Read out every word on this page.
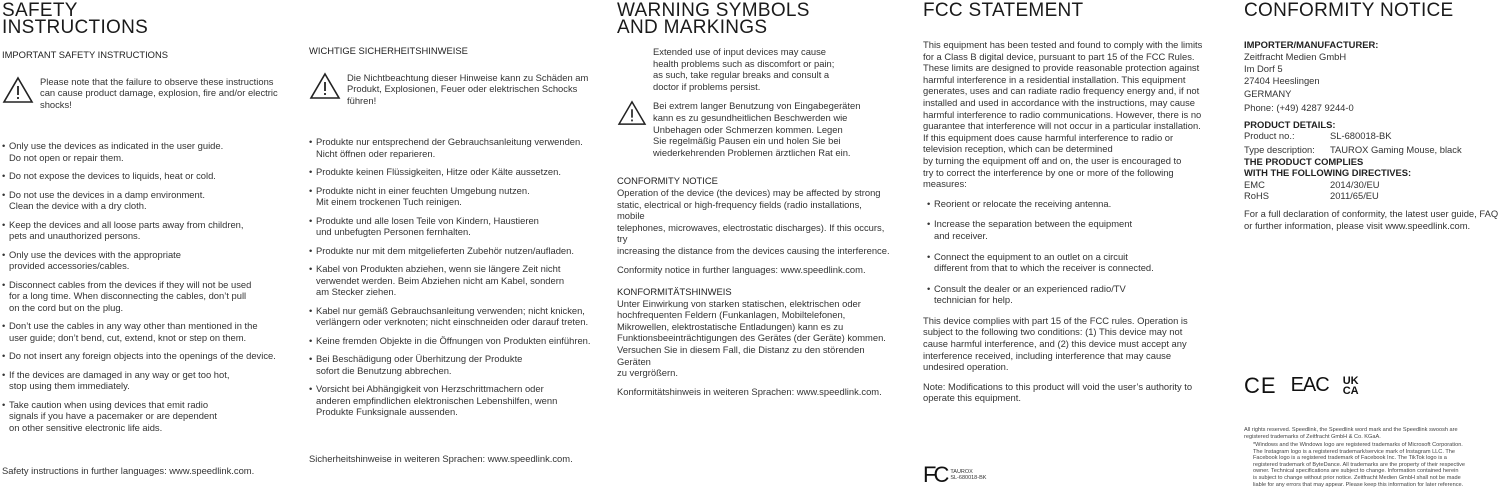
SAFETY
INSTRUCTIONS
IMPORTANT SAFETY INSTRUCTIONS
Please note that the failure to observe these instructions
can cause product damage, explosion, fire and/or electric
shocks!
• Only use the devices as indicated in the user guide.
Do not open or repair them.
• Do not expose the devices to liquids, heat or cold.
• Do not use the devices in a damp environment.
Clean the device with a dry cloth.
• Keep the devices and all loose parts away from children,
pets and unauthorized persons.
• Only use the devices with the appropriate
provided accessories/cables.
• Disconnect cables from the devices if they will not be used
for a long time. When disconnecting the cables, don’t pull
on the cord but on the plug.
• Don’t use the cables in any way other than mentioned in the
user guide; don’t bend, cut, extend, knot or step on them.
• Do not insert any foreign objects into the openings of the device.
• If the devices are damaged in any way or get too hot,
stop using them immediately.
• Take caution when using devices that emit radio
signals if you have a pacemaker or are dependent
on other sensitive electronic life aids.
Safety instructions in further languages: www.speedlink.com.
WICHTIGE SICHERHEITSHINWEISE
Die Nichtbeachtung dieser Hinweise kann zu Schäden am
Produkt, Explosionen, Feuer oder elektrischen Schocks
führen!
• Produkte nur entsprechend der Gebrauchsanleitung verwenden.
Nicht öffnen oder reparieren.
• Produkte keinen Flüssigkeiten, Hitze oder Kälte aussetzen.
• Produkte nicht in einer feuchten Umgebung nutzen.
Mit einem trockenen Tuch reinigen.
• Produkte und alle losen Teile von Kindern, Haustieren
und unbefugten Personen fernhalten.
• Produkte nur mit dem mitgelieferten Zubehör nutzen/aufladen.
• Kabel von Produkten abziehen, wenn sie längere Zeit nicht
verwendet werden. Beim Abziehen nicht am Kabel, sondern
am Stecker ziehen.
• Kabel nur gemäß Gebrauchsanleitung verwenden; nicht knicken,
verlängern oder verknoten; nicht einschneiden oder darauf treten.
• Keine fremden Objekte in die Öffnungen von Produkten einführen.
• Bei Beschädigung oder Überhitzung der Produkte
sofort die Benutzung abbrechen.
• Vorsicht bei Abhängigkeit von Herzschrittmachern oder
anderen empfindlichen elektronischen Lebenshilfen, wenn
Produkte Funksignale aussenden.
Sicherheitshinweise in weiteren Sprachen: www.speedlink.com.
WARNING SYMBOLS
AND MARKINGS
Extended use of input devices may cause
health problems such as discomfort or pain;
as such, take regular breaks and consult a
doctor if problems persist.
Bei extrem langer Benutzung von Eingabegeräten
kann es zu gesundheitlichen Beschwerden wie
Unbehagen oder Schmerzen kommen. Legen
Sie regelmäßig Pausen ein und holen Sie bei
wiederkehrenden Problemen ärztlichen Rat ein.
CONFORMITY NOTICE
Operation of the device (the devices) may be affected by strong
static, electrical or high-frequency fields (radio installations, mobile
telephones, microwaves, electrostatic discharges). If this occurs, try
increasing the distance from the devices causing the interference.
Conformity notice in further languages: www.speedlink.com.
KONFORMITÄTSHINWEIS
Unter Einwirkung von starken statischen, elektrischen oder
hochfrequenten Feldern (Funkanlagen, Mobiltelefonen,
Mikrowellen, elektrostatische Entladungen) kann es zu
Funktionsbeeinträchtigungen des Gerätes (der Geräte) kommen.
Versuchen Sie in diesem Fall, die Distanz zu den störenden Geräten
zu vergrößern.
Konformitätshinweis in weiteren Sprachen: www.speedlink.com.
FCC STATEMENT
This equipment has been tested and found to comply with the limits
for a Class B digital device, pursuant to part 15 of the FCC Rules.
These limits are designed to provide reasonable protection against
harmful interference in a residential installation. This equipment
generates, uses and can radiate radio frequency energy and, if not
installed and used in accordance with the instructions, may cause
harmful interference to radio communications. However, there is no
guarantee that interference will not occur in a particular installation.
If this equipment does cause harmful interference to radio or
television reception, which can be determined
by turning the equipment off and on, the user is encouraged to
try to correct the interference by one or more of the following
measures:
• Reorient or relocate the receiving antenna.
• Increase the separation between the equipment
and receiver.
• Connect the equipment to an outlet on a circuit
different from that to which the receiver is connected.
• Consult the dealer or an experienced radio/TV
technician for help.
This device complies with part 15 of the FCC rules. Operation is
subject to the following two conditions: (1) This device may not
cause harmful interference, and (2) this device must accept any
interference received, including interference that may cause
undesired operation.
Note: Modifications to this product will void the user’s authority to
operate this equipment.
FC TAUROX
SL-680018-BK
CONFORMITY NOTICE
IMPORTER/MANUFACTURER:
Zeitfracht Medien GmbH
Im Dorf 5
27404 Heeslingen
GERMANY
Phone: (+49) 4287 9244-0
PRODUCT DETAILS:
Product no.:	SL-680018-BK
Type description:	TAUROX Gaming Mouse, black
THE PRODUCT COMPLIES
WITH THE FOLLOWING DIRECTIVES:
EMC	2014/30/EU
RoHS	2011/65/EU
For a full declaration of conformity, the latest user guide, FAQ
or further information, please visit www.speedlink.com.
CE EAC UKCA
All rights reserved. Speedlink, the Speedlink word mark and the Speedlink swoosh are
registered trademarks of Zeitfracht GmbH & Co. KGaA.
*Windows and the Windows logo are registered trademarks of Microsoft Corporation.
The Instagram logo is a registered trademark/service mark of Instagram LLC. The
Facebook logo is a registered trademark of Facebook Inc. The TikTok logo is a
registered trademark of ByteDance. All trademarks are the property of their respective
owner. Technical specifications are subject to change. Information contained herein
is subject to change without prior notice. Zeitfracht Medien GmbH shall not be made
liable for any errors that may appear. Please keep this information for later reference.
